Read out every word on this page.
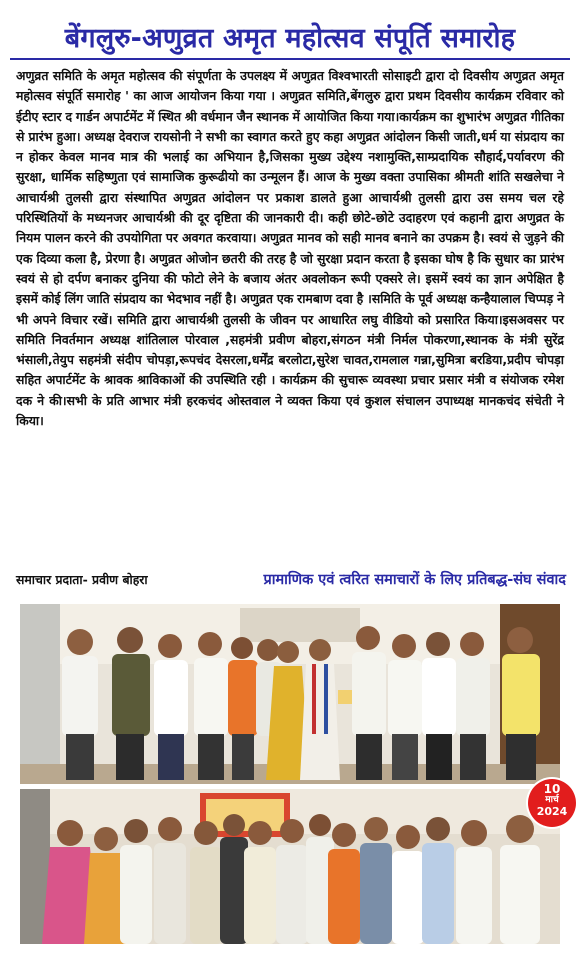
बेंगलुरु-अणुव्रत अमृत महोत्सव संपूर्ति समारोह
अणुव्रत समिति के अमृत महोत्सव की संपूर्णता के उपलक्ष्य में अणुव्रत विश्वभारती सोसाइटी द्वारा दो दिवसीय अणुव्रत अमृत महोत्सव संपूर्ति समारोह ' का आज आयोजन किया गया । अणुव्रत समिति,बेंगलुरु द्वारा प्रथम दिवसीय कार्यक्रम रविवार को ईटीए स्टार द गार्डन अपार्टमेंट में स्थित श्री वर्धमान जैन स्थानक में आयोजित किया गया।कार्यक्रम का शुभारंभ अणुव्रत गीतिका से प्रारंभ हुआ। अध्यक्ष देवराज रायसोनी ने सभी का स्वागत करते हुए कहा अणुव्रत आंदोलन किसी जाती,धर्म या संप्रदाय का न होकर केवल मानव मात्र की भलाई का अभियान है,जिसका मुख्य उद्देश्य नशामुक्ति,साम्प्रदायिक सौहार्द,पर्यावरण की सुरक्षा, धार्मिक सहिष्णुता एवं सामाजिक कुरूढीयो का उन्मूलन हैं। आज के मुख्य वक्ता उपासिका श्रीमती शांति सखलेचा ने आचार्यश्री तुलसी द्वारा संस्थापित अणुव्रत आंदोलन पर प्रकाश डालते हुआ आचार्यश्री तुलसी द्वारा उस समय चल रहे परिस्थितियों के मध्यनजर आचार्यश्री की दूर दृष्टिता की जानकारी दी। कही छोटे-छोटे उदाहरण एवं कहानी द्वारा अणुव्रत के नियम पालन करने की उपयोगिता पर अवगत करवाया। अणुव्रत मानव को सही मानव बनाने का उपक्रम है। स्वयं से जुड़ने की एक दिव्या कला है, प्रेरणा है। अणुव्रत ओजोन छतरी की तरह है जो सुरक्षा प्रदान करता है इसका घोष है कि सुधार का प्रारंभ स्वयं से हो दर्पण बनाकर दुनिया की फोटो लेने के बजाय अंतर अवलोकन रूपी एक्सरे ले। इसमें स्वयं का ज्ञान अपेक्षित है इसमें कोई लिंग जाति संप्रदाय का भेदभाव नहीं है। अणुव्रत एक रामबाण दवा है ।समिति के पूर्व अध्यक्ष कन्हैयालाल चिप्पड़ ने भी अपने विचार रखें। समिति द्वारा आचार्यश्री तुलसी के जीवन पर आधारित लघु वीडियो को प्रसारित किया।इसअवसर पर समिति निवर्तमान अध्यक्ष शांतिलाल पोरवाल ,सहमंत्री प्रवीण बोहरा,संगठन मंत्री निर्मल पोकरणा,स्थानक के मंत्री सुरेंद्र भंसाली,तेयुप सहमंत्री संदीप चोपड़ा,रूपचंद देसरला,धर्मेंद्र बरलोटा,सुरेश चावत,रामलाल गन्ना,सुमित्रा बरडिया,प्रदीप चोपड़ा सहित अपार्टमेंट के श्रावक श्राविकाओं की उपस्थिति रही । कार्यक्रम की सुचारू व्यवस्था प्रचार प्रसार मंत्री व संयोजक रमेश दक ने की।सभी के प्रति आभार मंत्री हरकचंद ओस्तवाल ने व्यक्त किया एवं कुशल संचालन उपाध्यक्ष मानकचंद संचेती ने किया।
समाचार प्रदाता- प्रवीण बोहरा	प्रामाणिक एवं त्वरित समाचारों के लिए प्रतिबद्ध-संघ संवाद
10
मार्च
2024
